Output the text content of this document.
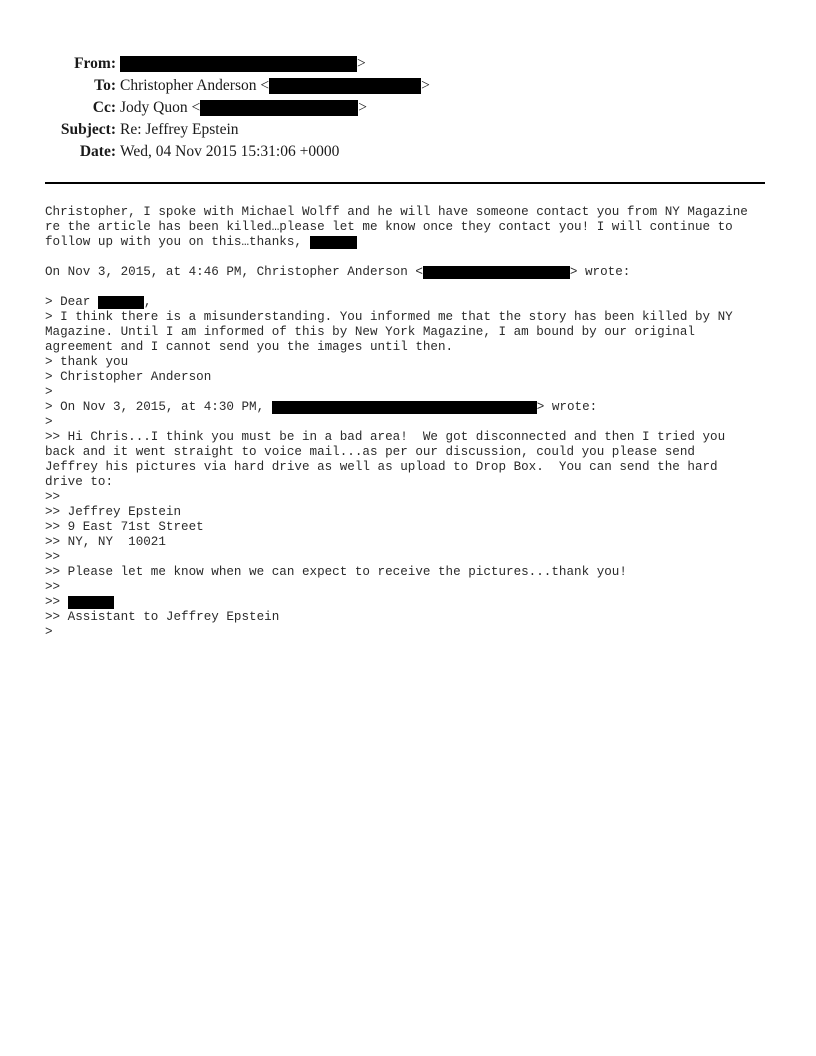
From:	>
To: Christopher Anderson <	>
Cc: Jody Quon <	>
Subject: Re: Jeffrey Epstein
Date: Wed, 04 Nov 2015 15:31:06 +0000
Christopher, I spoke with Michael Wolff and he will have someone contact you from NY Magazine
re the article has been killed…please let me know once they contact you! I will continue to
follow up with you on this…thanks,
On Nov 3, 2015, at 4:46 PM, Christopher Anderson <	> wrote:
> Dear	,
> I think there is a misunderstanding. You informed me that the story has been killed by NY
Magazine. Until I am informed of this by New York Magazine, I am bound by our original
agreement and I cannot send you the images until then.
> thank you
> Christopher Anderson
>
> On Nov 3, 2015, at 4:30 PM,	> wrote:
>
>> Hi Chris...I think you must be in a bad area!  We got disconnected and then I tried you
back and it went straight to voice mail...as per our discussion, could you please send
Jeffrey his pictures via hard drive as well as upload to Drop Box.  You can send the hard
drive to:
>>
>> Jeffrey Epstein
>> 9 East 71st Street
>> NY, NY  10021
>>
>> Please let me know when we can expect to receive the pictures...thank you!
>>
>>
>> Assistant to Jeffrey Epstein
>
